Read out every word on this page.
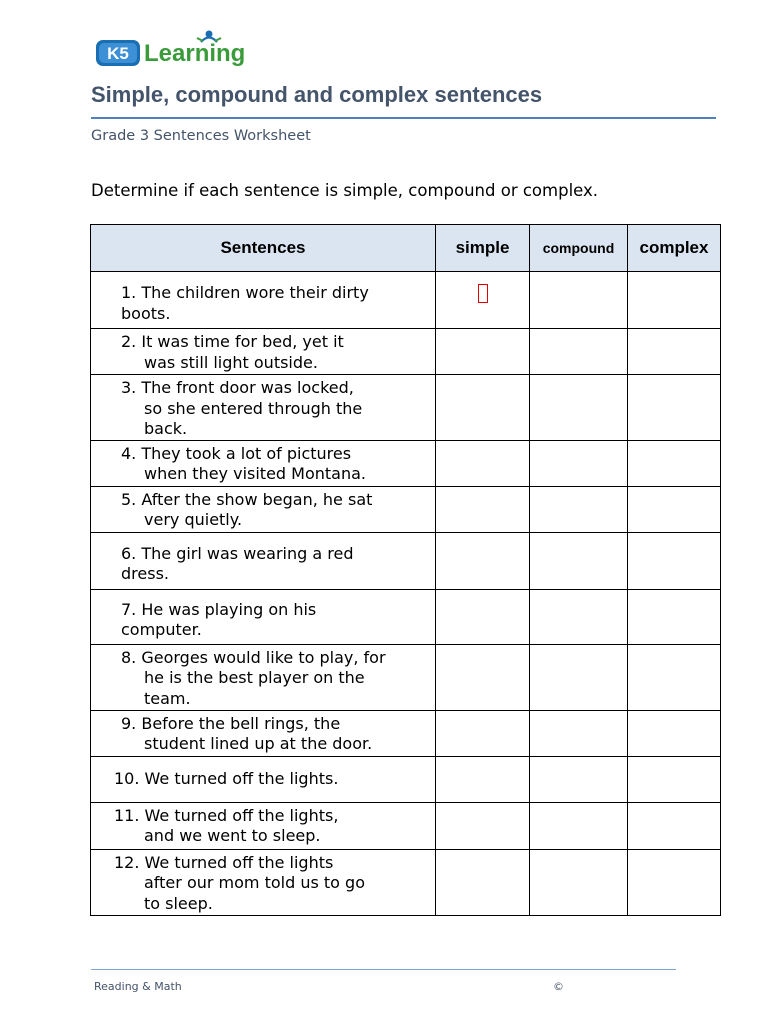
K5 Learning
Simple, compound and complex sentences
Grade 3 Sentences Worksheet
Determine if each sentence is simple, compound or complex.
Sentences	simple	compound	complex

1. The children wore their dirty
boots.			

2. It was time for bed, yet it
was still light outside.			

3. The front door was locked,
so she entered through the
back.			

4. They took a lot of pictures
when they visited Montana.			

5. After the show began, he sat
very quietly.			

6. The girl was wearing a red
dress.			

7. He was playing on his
computer.			

8. Georges would like to play, for
he is the best player on the
team.			

9. Before the bell rings, the
student lined up at the door.			

10. We turned off the lights.			

11. We turned off the lights,
and we went to sleep.			

12. We turned off the lights
after our mom told us to go
to sleep.			

Reading & Math	©
